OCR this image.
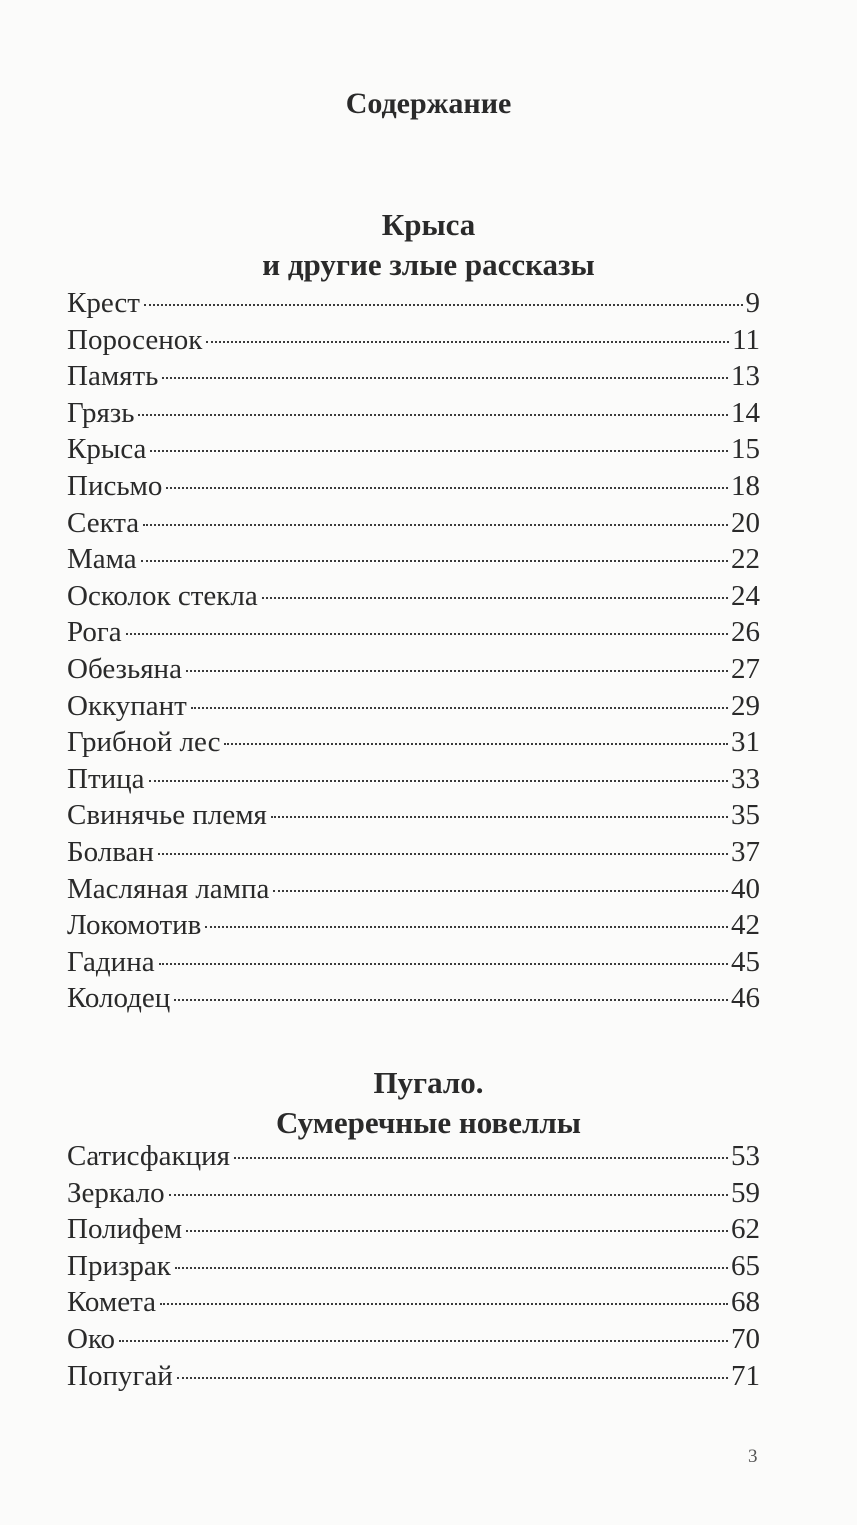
Содержание
Крыса
и другие злые рассказы
Крест	9
Поросенок	11
Память	13
Грязь	14
Крыса	15
Письмо	18
Секта	20
Мама	22
Осколок стекла	24
Рога	26
Обезьяна	27
Оккупант	29
Грибной лес	31
Птица	33
Свинячье племя	35
Болван	37
Масляная лампа	40
Локомотив	42
Гадина	45
Колодец	46
Пугало.
Сумеречные новеллы
Сатисфакция	53
Зеркало	59
Полифем	62
Призрак	65
Комета	68
Око	70
Попугай	71
3
